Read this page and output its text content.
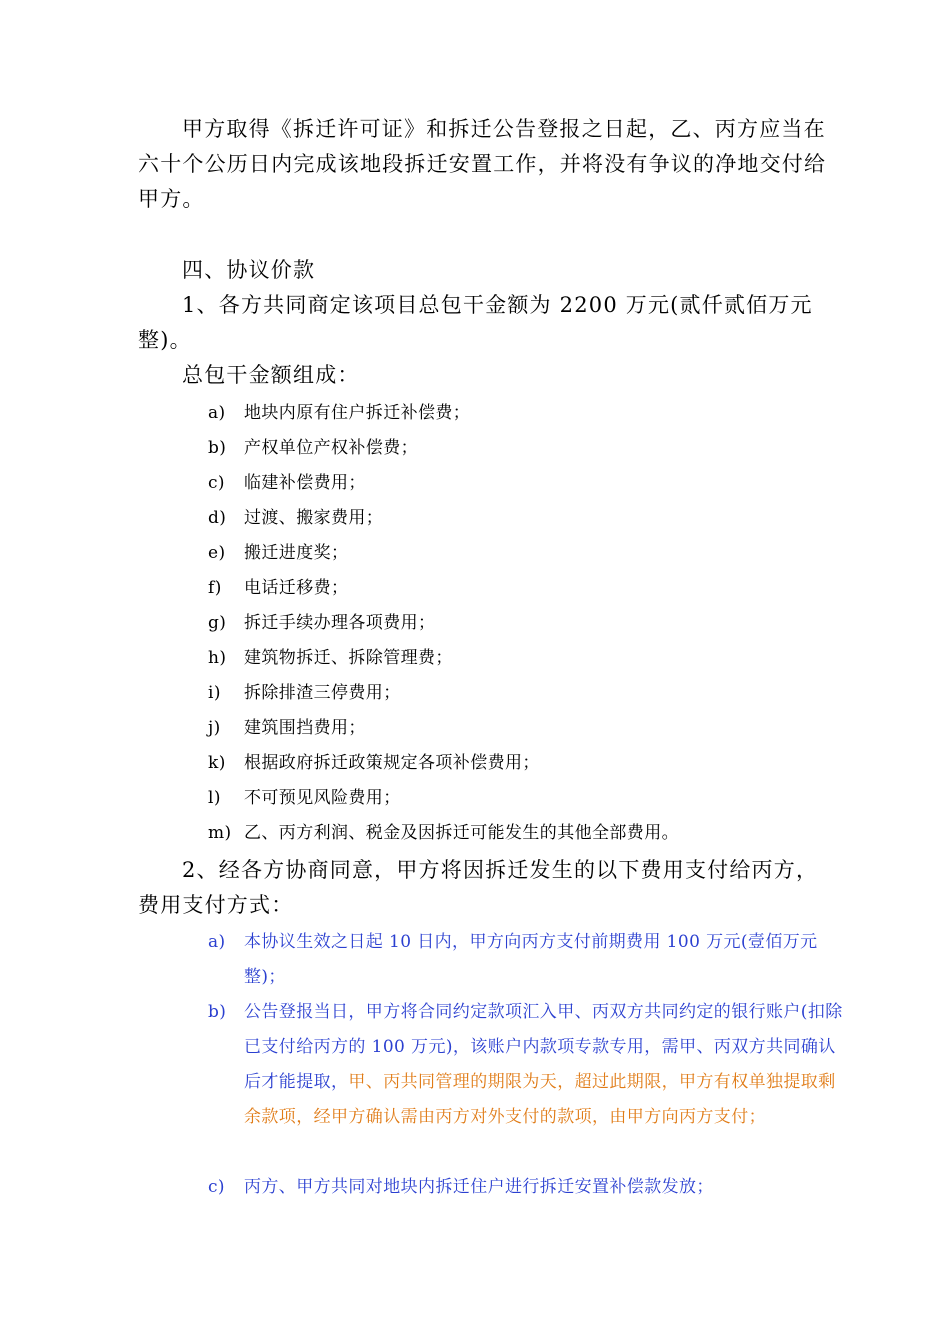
甲方取得《拆迁许可证》和拆迁公告登报之日起，乙、丙方应当在六十个公历日内完成该地段拆迁安置工作，并将没有争议的净地交付给甲方。

四、协议价款

1、各方共同商定该项目总包干金额为 2200 万元(贰仟贰佰万元整)。

总包干金额组成：
a)	地块内原有住户拆迁补偿费；
b)	产权单位产权补偿费；
c)	临建补偿费用；
d)	过渡、搬家费用；
e)	搬迁进度奖；
f)	电话迁移费；
g)	拆迁手续办理各项费用；
h)	建筑物拆迁、拆除管理费；
i)	拆除排渣三停费用；
j)	建筑围挡费用；
k)	根据政府拆迁政策规定各项补偿费用；
l)	不可预见风险费用；
m) 乙、丙方利润、税金及因拆迁可能发生的其他全部费用。

2、经各方协商同意，甲方将因拆迁发生的以下费用支付给丙方，费用支付方式：

a)	本协议生效之日起 10 日内，甲方向丙方支付前期费用 100 万元(壹佰万元整)；
b)	公告登报当日，甲方将合同约定款项汇入甲、丙双方共同约定的银行账户(扣除已支付给丙方的 100 万元)，该账户内款项专款专用，需甲、丙双方共同确认后才能提取，甲、丙共同管理的期限为天，超过此期限，甲方有权单独提取剩余款项，经甲方确认需由丙方对外支付的款项，由甲方向丙方支付；
c)	丙方、甲方共同对地块内拆迁住户进行拆迁安置补偿款发放；
